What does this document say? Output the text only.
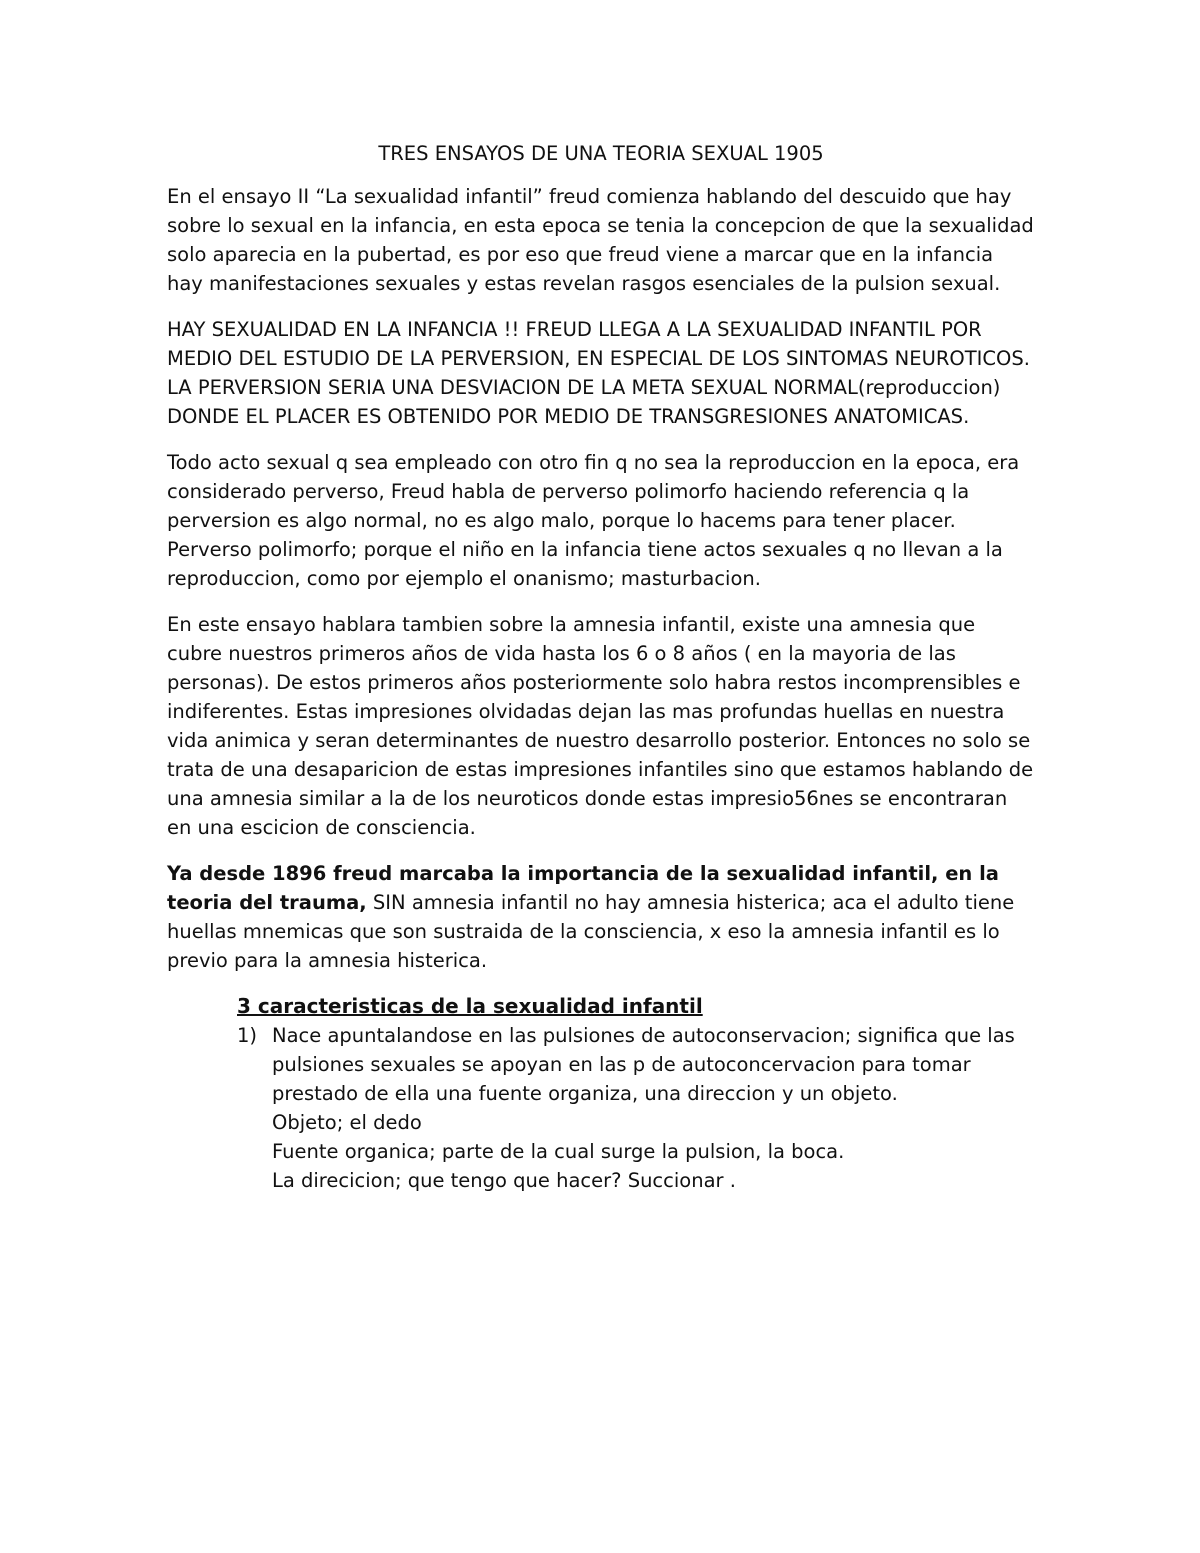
TRES ENSAYOS DE UNA TEORIA SEXUAL 1905

En el ensayo II “La sexualidad infantil” freud comienza hablando del descuido que hay sobre lo sexual en la infancia, en esta epoca se tenia la concepcion de que la sexualidad solo aparecia en la pubertad, es por eso que freud viene a marcar que en la infancia hay manifestaciones sexuales y estas revelan rasgos esenciales de la pulsion sexual.

HAY SEXUALIDAD EN LA INFANCIA !! FREUD LLEGA A LA SEXUALIDAD INFANTIL POR MEDIO DEL ESTUDIO DE LA PERVERSION, EN ESPECIAL DE LOS SINTOMAS NEUROTICOS. LA PERVERSION SERIA UNA DESVIACION DE LA META SEXUAL NORMAL(reproduccion) DONDE EL PLACER ES OBTENIDO POR MEDIO DE TRANSGRESIONES ANATOMICAS.

Todo acto sexual q sea empleado con otro fin q no sea la reproduccion en la epoca, era considerado perverso, Freud habla de perverso polimorfo haciendo referencia q la perversion es algo normal, no es algo malo, porque lo hacems para tener placer. Perverso polimorfo; porque el niño en la infancia tiene actos sexuales q no llevan a la reproduccion, como por ejemplo el onanismo; masturbacion.

En este ensayo hablara tambien sobre la amnesia infantil, existe una amnesia que cubre nuestros primeros años de vida hasta los 6 o 8 años ( en la mayoria de las personas). De estos primeros años posteriormente solo habra restos incomprensibles e indiferentes. Estas impresiones olvidadas dejan las mas profundas huellas en nuestra vida animica y seran determinantes de nuestro desarrollo posterior. Entonces no solo se trata de una desaparicion de estas impresiones infantiles sino que estamos hablando de una amnesia similar a la de los neuroticos donde estas impresio56nes se encontraran en una escicion de consciencia.

Ya desde 1896 freud marcaba la importancia de la sexualidad infantil, en la teoria del trauma, SIN amnesia infantil no hay amnesia histerica; aca el adulto tiene huellas mnemicas que son sustraida de la consciencia, x eso la amnesia infantil es lo previo para la amnesia histerica.

3 caracteristicas de la sexualidad infantil
1) Nace apuntalandose en las pulsiones de autoconservacion; significa que las pulsiones sexuales se apoyan en las p de autoconcervacion para tomar prestado de ella una fuente organiza, una direccion y un objeto.
Objeto; el dedo
Fuente organica; parte de la cual surge la pulsion, la boca.
La direcicion; que tengo que hacer? Succionar .
